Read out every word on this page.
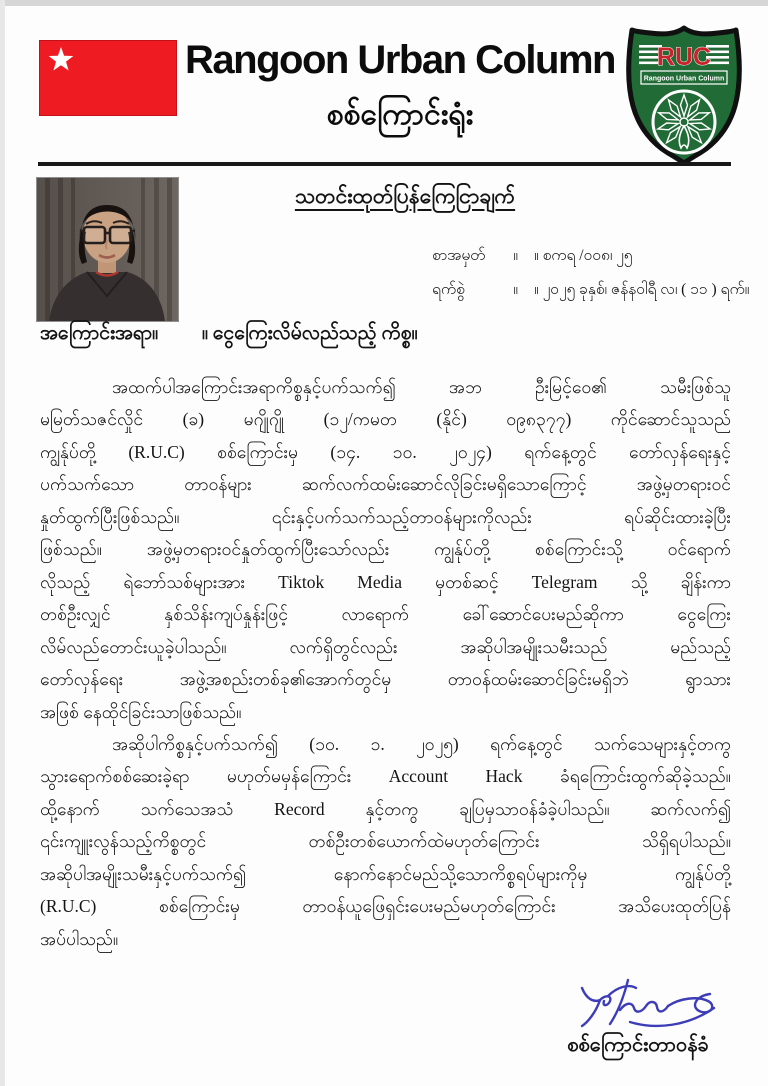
Rangoon Urban Column
စစ်ကြောင်းရုံး
RUC
Rangoon Urban Column
သတင်းထုတ်ပြန်ကြေငြာချက်
စာအမှတ် ။ ။ စကရ /၀၀၈၊ ၂၅
ရက်စွဲ	။ ။ ၂၀၂၅ ခုနှစ်၊ ဇန်နဝါရီ လ၊ ( ၁၁ ) ရက်။
အကြောင်းအရာ။ ။ ငွေကြေးလိမ်လည်သည့် ကိစ္စ။
အထက်ပါအကြောင်းအရာကိစ္စနှင့်ပက်သက်၍ အဘ ဦးမြင့်ဝေ၏ သမီးဖြစ်သူ
မမြတ်သဇင်လှိုင် (ခ) မဂျိုဂျို (၁၂/ကမတ (နိုင်) ၀၉၈၃၇၇) ကိုင်ဆောင်သူသည်
ကျွန်ုပ်တို့ (R.U.C) စစ်ကြောင်းမှ (၁၄. ၁၀. ၂၀၂၄) ရက်နေ့တွင် တော်လှန်ရေးနှင့်
ပက်သက်သော တာဝန်များ ဆက်လက်ထမ်းဆောင်လိုခြင်းမရှိသောကြောင့် အဖွဲ့မှတရားဝင်
နှုတ်ထွက်ပြီးဖြစ်သည်။ ၎င်းနှင့်ပက်သက်သည့်တာဝန်များကိုလည်း ရပ်ဆိုင်းထားခဲ့ပြီး
ဖြစ်သည်။ အဖွဲ့မှတရားဝင်နှုတ်ထွက်ပြီးသော်လည်း ကျွန်ုပ်တို့ စစ်ကြောင်းသို့ ဝင်ရောက်
လိုသည့် ရဲဘော်သစ်များအား Tiktok Media မှတစ်ဆင့် Telegram သို့ ချိန်းကာ
တစ်ဦးလျှင် နှစ်သိန်းကျပ်နှုန်းဖြင့် လာရောက် ခေါ်ဆောင်ပေးမည်ဆိုကာ ငွေကြေး
လိမ်လည်တောင်းယူခဲ့ပါသည်။ လက်ရှိတွင်လည်း အဆိုပါအမျိုးသမီးသည် မည်သည့်
တော်လှန်ရေး အဖွဲ့အစည်းတစ်ခု၏အောက်တွင်မှ တာဝန်ထမ်းဆောင်ခြင်းမရှိဘဲ ရွာသား
အဖြစ် နေထိုင်ခြင်းသာဖြစ်သည်။
အဆိုပါကိစ္စနှင့်ပက်သက်၍ (၁၀. ၁. ၂၀၂၅) ရက်နေ့တွင် သက်သေများနှင့်တကွ
သွားရောက်စစ်ဆေးခဲ့ရာ မဟုတ်မမှန်ကြောင်း Account Hack ခံရကြောင်းထွက်ဆိုခဲ့သည်။
ထို့နောက် သက်သေအသံ Record နှင့်တကွ ချပြမှသာဝန်ခံခဲ့ပါသည်။ ဆက်လက်၍
၎င်းကျူးလွန်သည့်ကိစ္စတွင် တစ်ဦးတစ်ယောက်ထဲမဟုတ်ကြောင်း သိရှိရပါသည်။
အဆိုပါအမျိုးသမီးနှင့်ပက်သက်၍ နောက်နောင်မည်သို့သောကိစ္စရပ်များကိုမှ ကျွန်ုပ်တို့
(R.U.C) စစ်ကြောင်းမှ တာဝန်ယူဖြေရှင်းပေးမည်မဟုတ်ကြောင်း အသိပေးထုတ်ပြန်
အပ်ပါသည်။
စစ်ကြောင်းတာဝန်ခံ
